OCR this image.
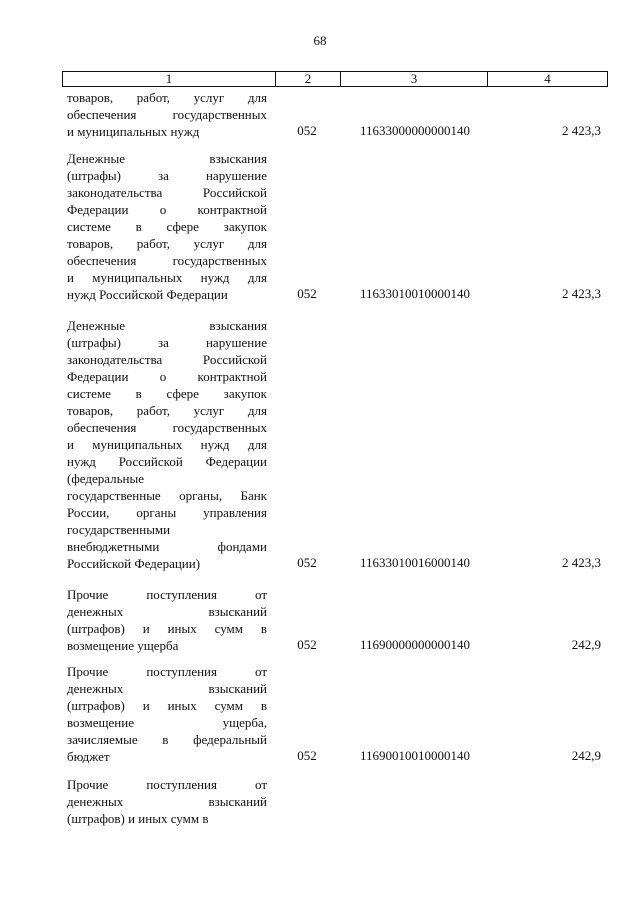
68
1	2	3	4
товаров, работ, услуг для
обеспечения государственных
и муниципальных нужд	052	11633000000000140	2 423,3
Денежные взыскания
(штрафы) за нарушение
законодательства Российской
Федерации о контрактной
системе в сфере закупок
товаров, работ, услуг для
обеспечения государственных
и муниципальных нужд для
нужд Российской Федерации	052	11633010010000140	2 423,3
Денежные взыскания
(штрафы) за нарушение
законодательства Российской
Федерации о контрактной
системе в сфере закупок
товаров, работ, услуг для
обеспечения государственных
и муниципальных нужд для
нужд Российской Федерации
(федеральные
государственные органы, Банк
России, органы управления
государственными
внебюджетными фондами
Российской Федерации)	052	11633010016000140	2 423,3
Прочие поступления от
денежных взысканий
(штрафов) и иных сумм в
возмещение ущерба	052	11690000000000140	242,9
Прочие поступления от
денежных взысканий
(штрафов) и иных сумм в
возмещение ущерба,
зачисляемые в федеральный
бюджет	052	11690010010000140	242,9
Прочие поступления от
денежных взысканий
(штрафов) и иных сумм в
